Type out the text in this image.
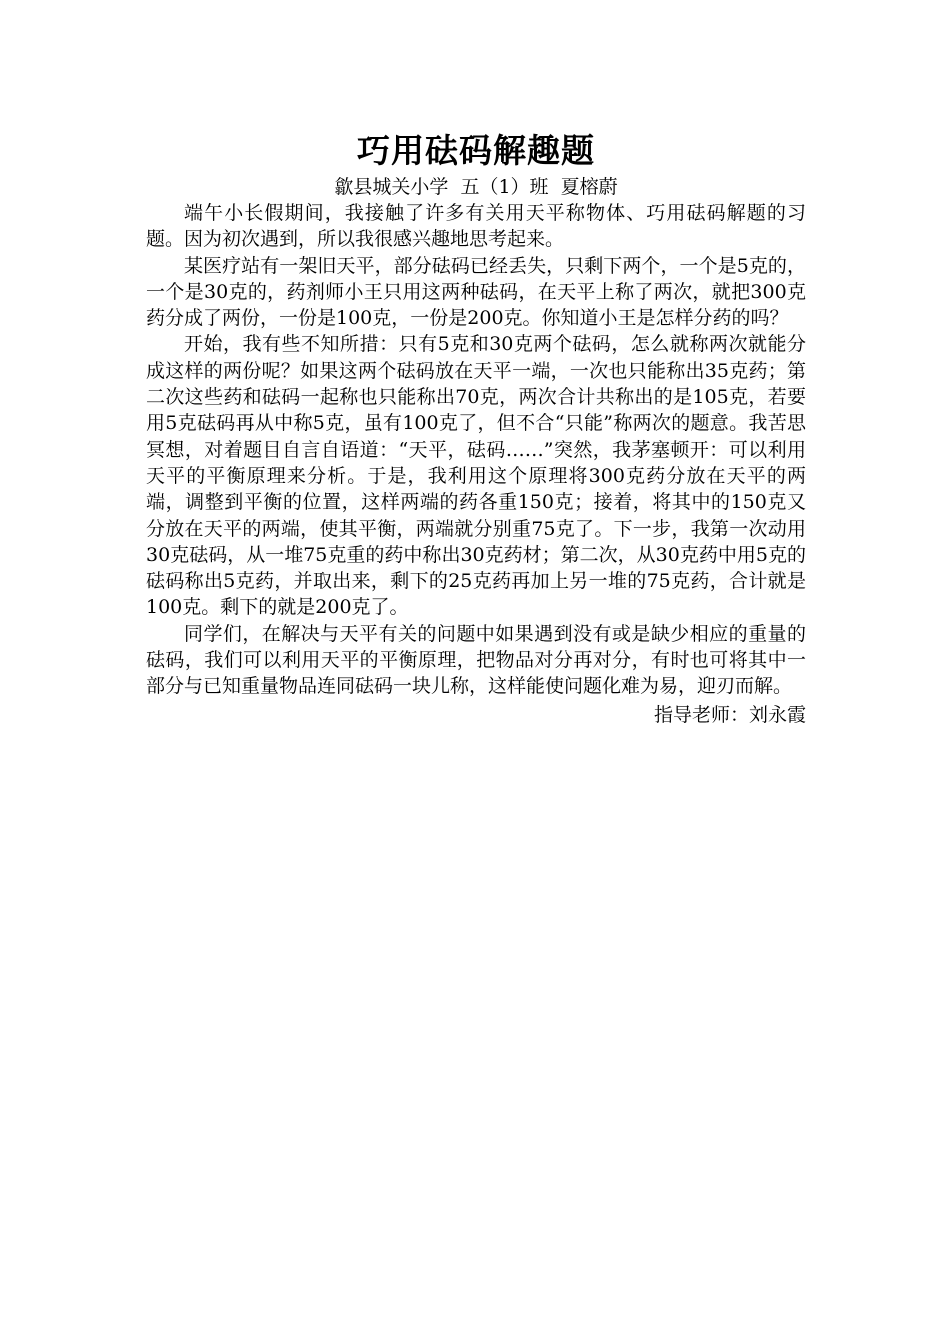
巧用砝码解趣题

歙县城关小学  五（1）班  夏榕蔚

端午小长假期间，我接触了许多有关用天平称物体、巧用砝码解题的习题。因为初次遇到，所以我很感兴趣地思考起来。

某医疗站有一架旧天平，部分砝码已经丢失，只剩下两个，一个是5克的，一个是30克的，药剂师小王只用这两种砝码，在天平上称了两次，就把300克药分成了两份，一份是100克，一份是200克。你知道小王是怎样分药的吗？

开始，我有些不知所措：只有5克和30克两个砝码，怎么就称两次就能分成这样的两份呢？如果这两个砝码放在天平一端，一次也只能称出35克药；第二次这些药和砝码一起称也只能称出70克，两次合计共称出的是105克，若要用5克砝码再从中称5克，虽有100克了，但不合“只能”称两次的题意。我苦思冥想，对着题目自言自语道：“天平，砝码……”突然，我茅塞顿开：可以利用天平的平衡原理来分析。于是，我利用这个原理将300克药分放在天平的两端，调整到平衡的位置，这样两端的药各重150克；接着，将其中的150克又分放在天平的两端，使其平衡，两端就分别重75克了。下一步，我第一次动用30克砝码，从一堆75克重的药中称出30克药材；第二次，从30克药中用5克的砝码称出5克药，并取出来，剩下的25克药再加上另一堆的75克药，合计就是100克。剩下的就是200克了。

同学们，在解决与天平有关的问题中如果遇到没有或是缺少相应的重量的砝码，我们可以利用天平的平衡原理，把物品对分再对分，有时也可将其中一部分与已知重量物品连同砝码一块儿称，这样能使问题化难为易，迎刃而解。

指导老师：刘永霞
